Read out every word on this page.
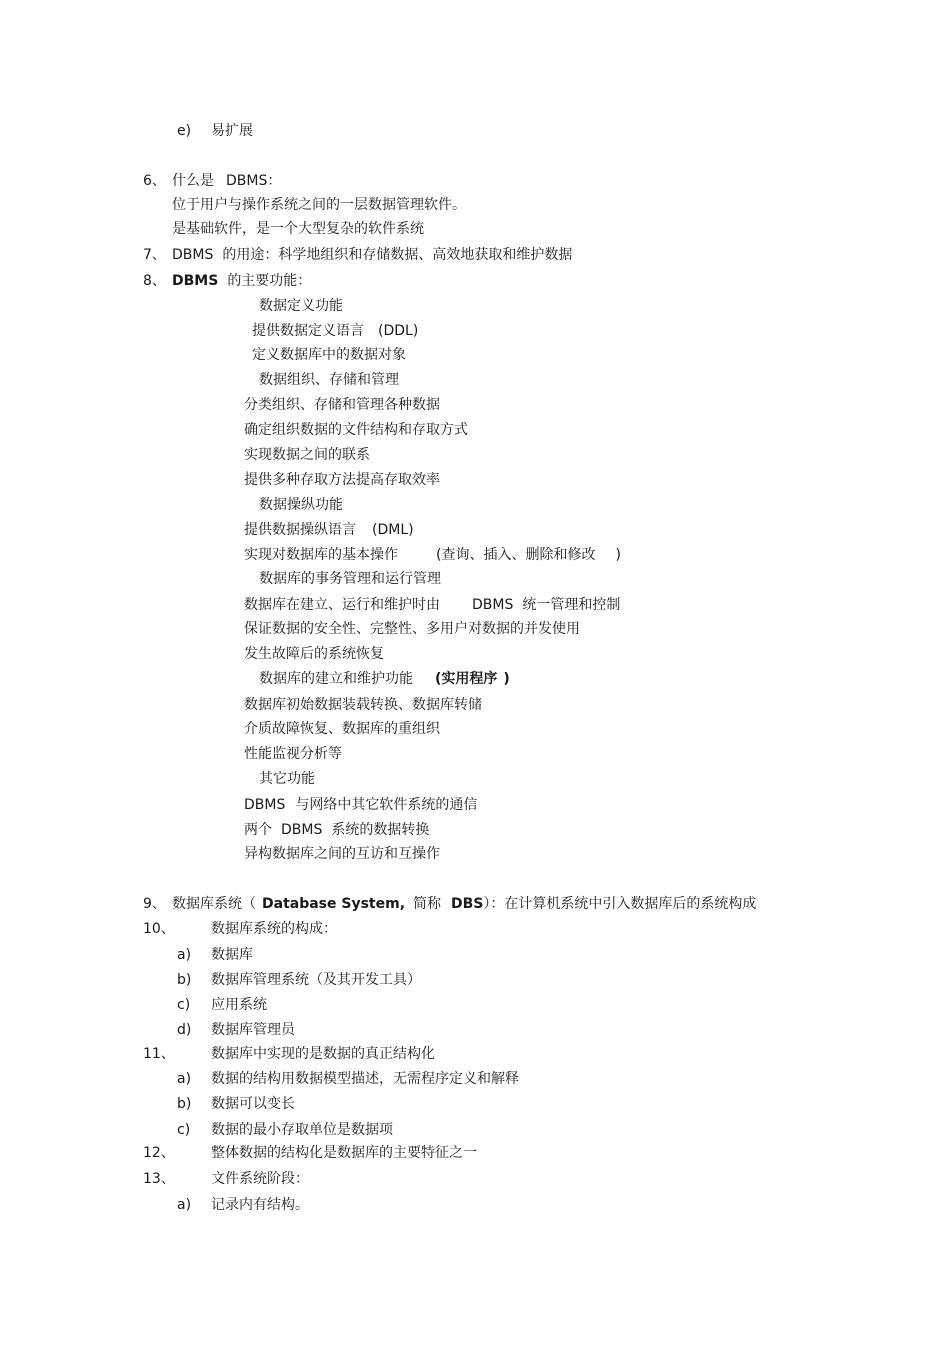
e) 易扩展
6、 什么是 DBMS：
位于用户与操作系统之间的一层数据管理软件。
是基础软件，是一个大型复杂的软件系统
7、 DBMS 的用途：科学地组织和存储数据、高效地获取和维护数据
8、 DBMS 的主要功能：
数据定义功能
提供数据定义语言 (DDL)
定义数据库中的数据对象
数据组织、存储和管理
分类组织、存储和管理各种数据
确定组织数据的文件结构和存取方式
实现数据之间的联系
提供多种存取方法提高存取效率
数据操纵功能
提供数据操纵语言 (DML)
实现对数据库的基本操作	(查询、插入、删除和修改 )
数据库的事务管理和运行管理
数据库在建立、运行和维护时由 DBMS 统一管理和控制
保证数据的安全性、完整性、多用户对数据的并发使用
发生故障后的系统恢复
数据库的建立和维护功能 (实用程序 )
数据库初始数据装载转换、数据库转储
介质故障恢复、数据库的重组织
性能监视分析等
其它功能
DBMS 与网络中其它软件系统的通信
两个 DBMS 系统的数据转换
异构数据库之间的互访和互操作
9、 数据库系统（ Database System, 简称 DBS）：在计算机系统中引入数据库后的系统构成
10、	数据库系统的构成：
a) 数据库
b) 数据库管理系统（及其开发工具）
c) 应用系统
d) 数据库管理员
11、	数据库中实现的是数据的真正结构化
a) 数据的结构用数据模型描述，无需程序定义和解释
b) 数据可以变长
c) 数据的最小存取单位是数据项
12、	整体数据的结构化是数据库的主要特征之一
13、	文件系统阶段：
a) 记录内有结构。
